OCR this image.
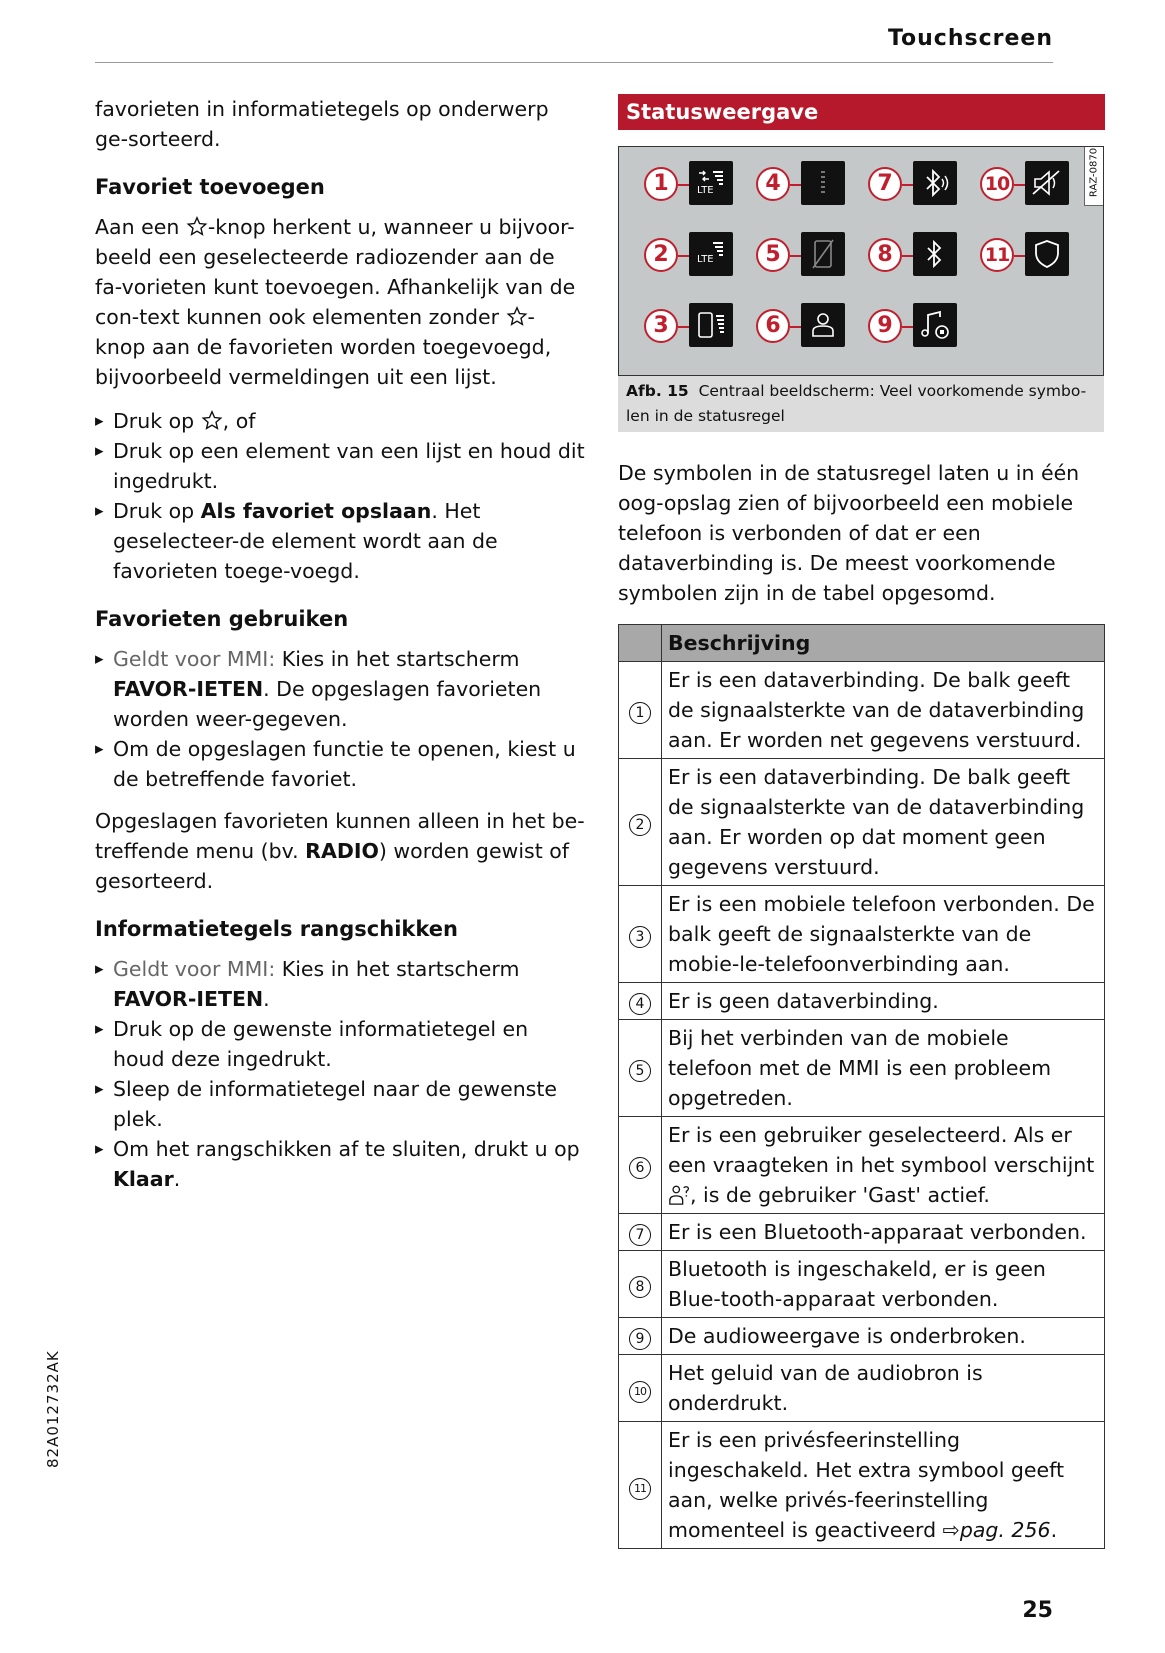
Touchscreen
82A012732AK
25

favorieten in informatietegels op onderwerp ge-sorteerd.

Favoriet toevoegen

Aan een -knop herkent u, wanneer u bijvoor-beeld een geselecteerde radiozender aan de fa-vorieten kunt toevoegen. Afhankelijk van de con-text kunnen ook elementen zonder -knop aan de favorieten worden toegevoegd, bijvoorbeeld vermeldingen uit een lijst.

▸ Druk op , of
▸ Druk op een element van een lijst en houd dit ingedrukt.
▸ Druk op Als favoriet opslaan. Het geselecteer-de element wordt aan de favorieten toege-voegd.
Favorieten gebruiken
▸ Geldt voor MMI: Kies in het startscherm FAVOR-IETEN. De opgeslagen favorieten worden weer-gegeven.
▸ Om de opgeslagen functie te openen, kiest u de betreffende favoriet.

Opgeslagen favorieten kunnen alleen in het be-treffende menu (bv. RADIO) worden gewist of gesorteerd.

Informatietegels rangschikken
▸ Geldt voor MMI: Kies in het startscherm FAVOR-IETEN.
▸ Druk op de gewenste informatietegel en houd deze ingedrukt.
▸ Sleep de informatietegel naar de gewenste plek.
▸ Om het rangschikken af te sluiten, drukt u op Klaar.
Statusweergave
RAZ-0870
1	LTE	4	7	10
2	LTE	5	8	11
3	6	9
Afb. 15 Centraal beeldscherm: Veel voorkomende symbo-len in de statusregel

De symbolen in de statusregel laten u in één oog-opslag zien of bijvoorbeeld een mobiele telefoon is verbonden of dat er een dataverbinding is. De meest voorkomende symbolen zijn in de tabel opgesomd.

	Beschrijving
1	Er is een dataverbinding. De balk geeft de signaalsterkte van de dataverbinding aan. Er worden net gegevens verstuurd.
2	Er is een dataverbinding. De balk geeft de signaalsterkte van de dataverbinding aan. Er worden op dat moment geen gegevens verstuurd.
3	Er is een mobiele telefoon verbonden. De balk geeft de signaalsterkte van de mobie-le-telefoonverbinding aan.
4	Er is geen dataverbinding.
5	Bij het verbinden van de mobiele telefoon met de MMI is een probleem opgetreden.
6	Er is een gebruiker geselecteerd. Als er een vraagteken in het symbool verschijnt , is de gebruiker 'Gast' actief.
7	Er is een Bluetooth-apparaat verbonden.
8	Bluetooth is ingeschakeld, er is geen Blue-tooth-apparaat verbonden.
9	De audioweergave is onderbroken.
10	Het geluid van de audiobron is onderdrukt.
11	Er is een privésfeerinstelling ingeschakeld. Het extra symbool geeft aan, welke privés-feerinstelling momenteel is geactiveerd ⇨pag. 256.
